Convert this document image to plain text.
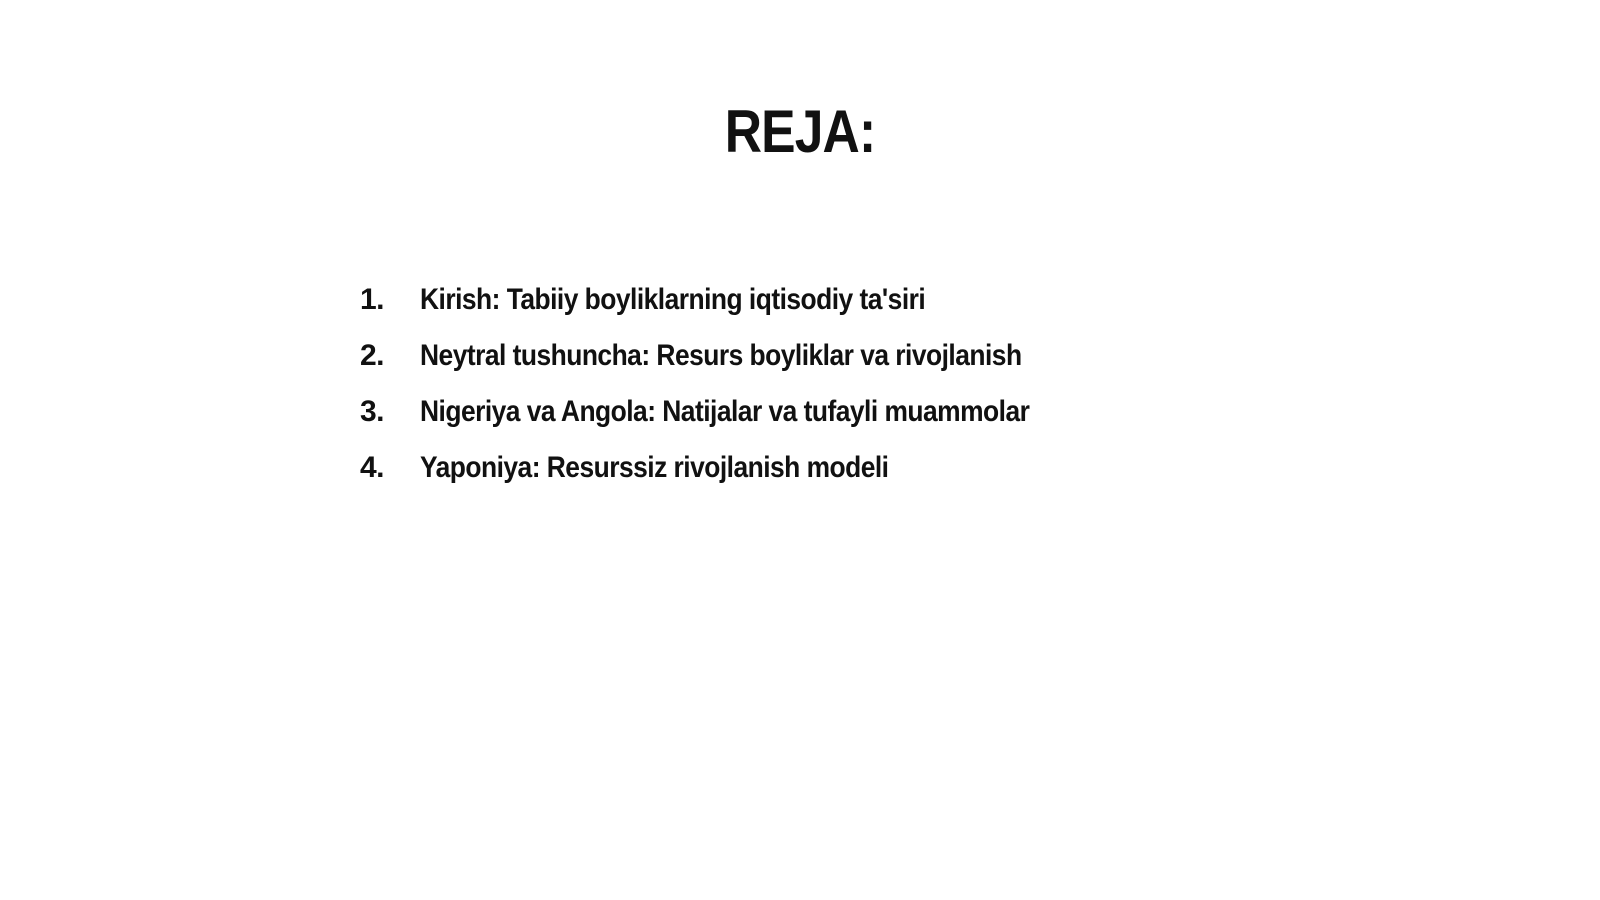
REJA:
1.	Kirish: Tabiiy boyliklarning iqtisodiy ta'siri
2.	Neytral tushuncha: Resurs boyliklar va rivojlanish
3.	Nigeriya va Angola: Natijalar va tufayli muammolar
4.	Yaponiya: Resurssiz rivojlanish modeli
